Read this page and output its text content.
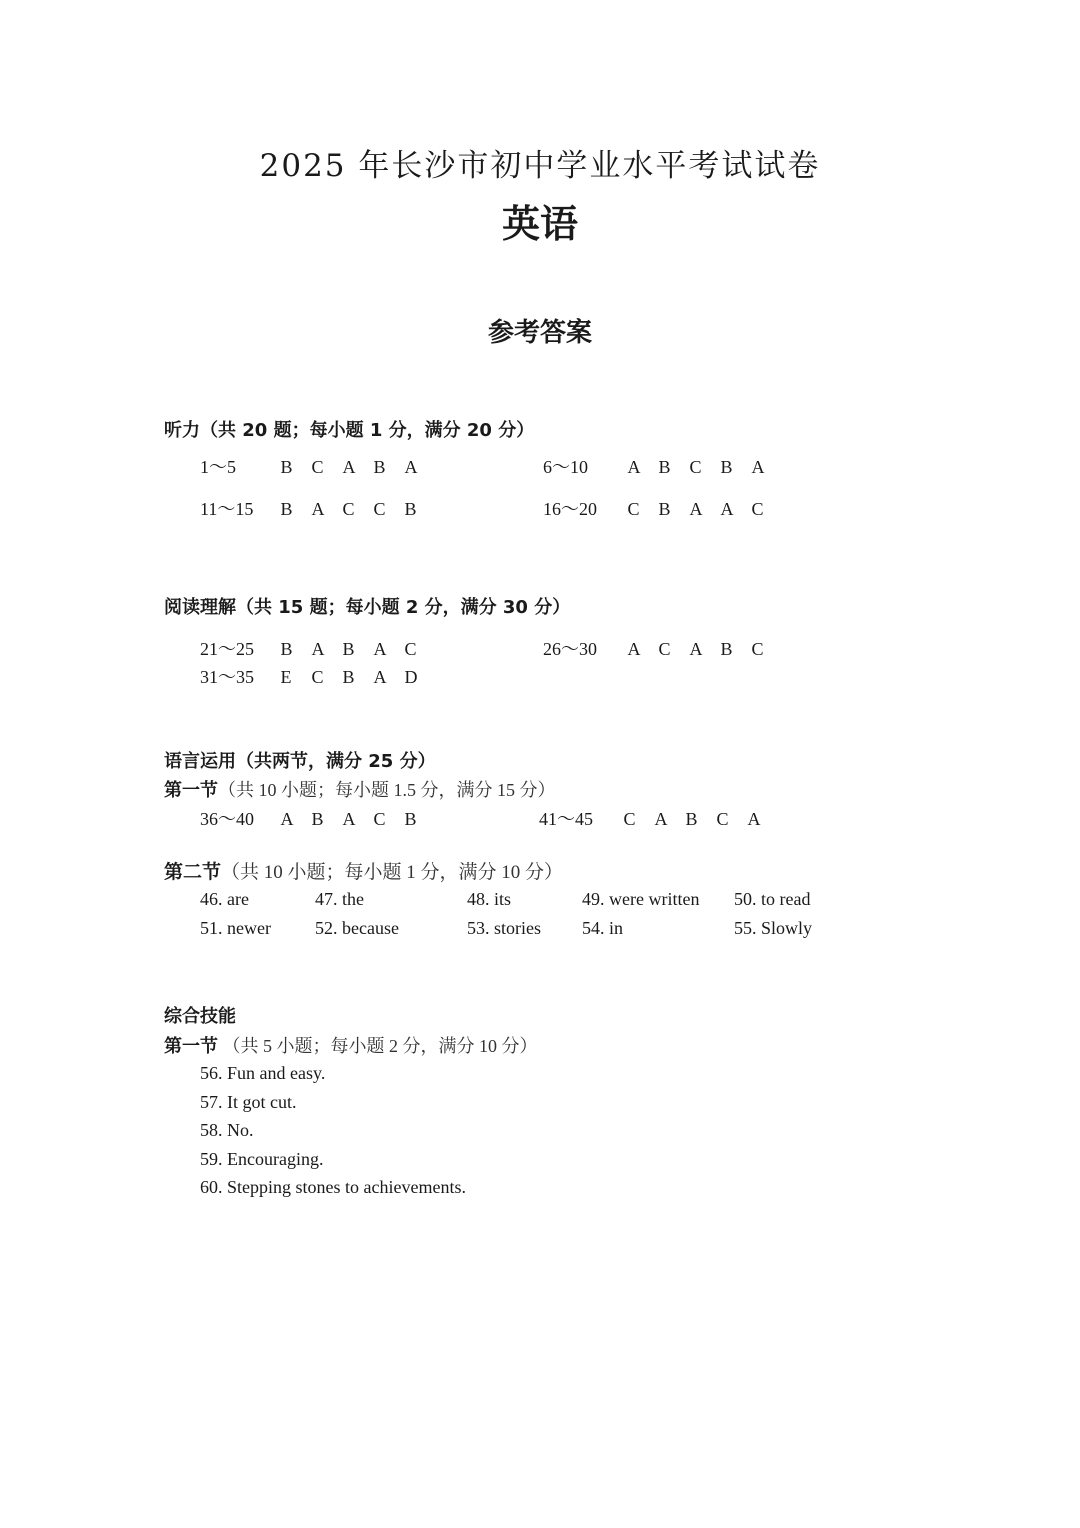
2025 年长沙市初中学业水平考试试卷
英语
参考答案
听力（共 20 题；每小题 1 分，满分 20 分）
1～5 B C A B A	6～10 A B C B A
11～15 B A C C B	16～20 C B A A C
阅读理解（共 15 题；每小题 2 分，满分 30 分）
21～25 B A B A C	26～30 A C A B C
31～35 E C B A D
语言运用（共两节，满分 25 分）
第一节（共 10 小题；每小题 1.5 分，满分 15 分）
36～40 A B A C B	41～45 C A B C A
第二节（共 10 小题；每小题 1 分，满分 10 分）
46. are	47. the	48. its	49. were written 50. to read
51. newer 52. because	53. stories 54. in	55. Slowly
综合技能
第一节 （共 5 小题；每小题 2 分，满分 10 分）
56. Fun and easy.
57. It got cut.
58. No.
59. Encouraging.
60. Stepping stones to achievements.
